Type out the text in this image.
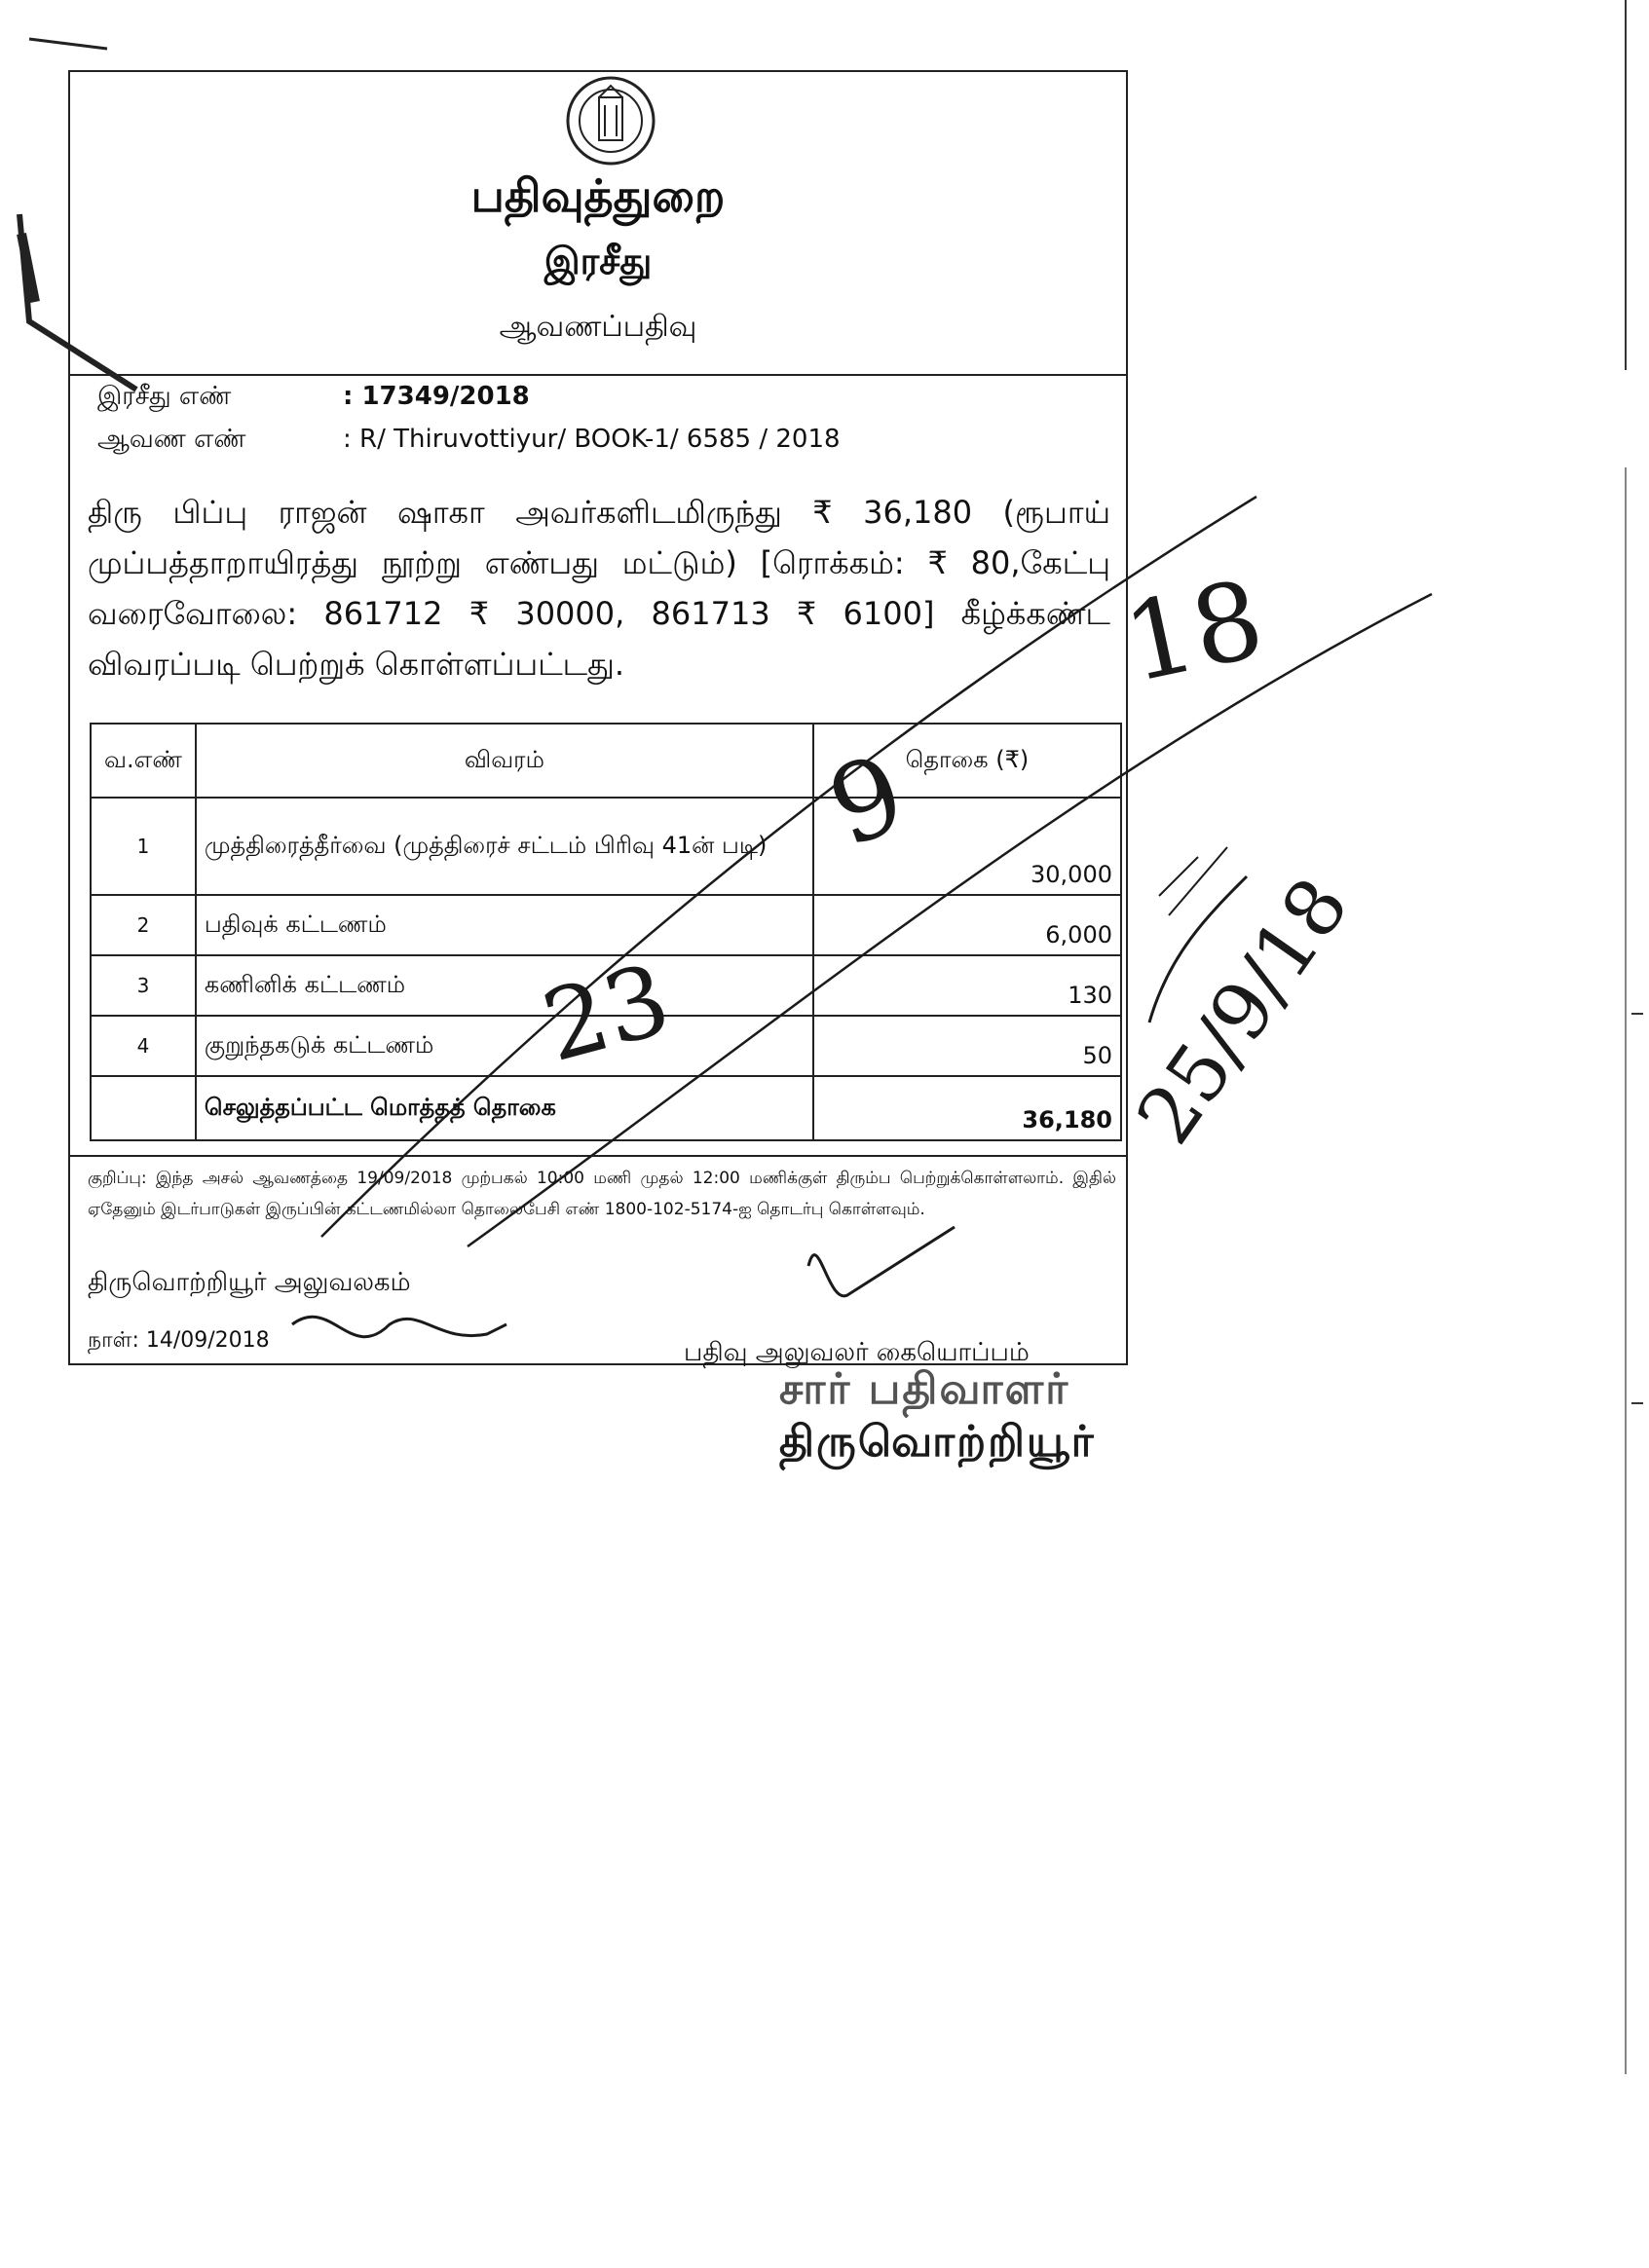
பதிவுத்துறை
இரசீது
ஆவணப்பதிவு
இரசீது எண்	: 17349/2018
ஆவண எண்	: R/ Thiruvottiyur/ BOOK-1/ 6585 / 2018
திரு பிப்பு ராஜன் ஷாகா அவர்களிடமிருந்து ₹ 36,180 (ரூபாய் முப்பத்தாறாயிரத்து நூற்று எண்பது மட்டும்) [ரொக்கம்: ₹ 80,கேட்பு வரைவோலை: 861712 ₹ 30000, 861713 ₹ 6100] கீழ்க்கண்ட விவரப்படி பெற்றுக் கொள்ளப்பட்டது.
வ.எண்	விவரம்	தொகை (₹)
1	முத்திரைத்தீர்வை (முத்திரைச் சட்டம் பிரிவு 41ன் படி)	30,000
2	பதிவுக் கட்டணம்	6,000
3	கணினிக் கட்டணம்	130
4	குறுந்தகடுக் கட்டணம்	50
	செலுத்தப்பட்ட மொத்தத் தொகை	36,180
குறிப்பு: இந்த அசல் ஆவணத்தை 19/09/2018 முற்பகல் 10:00 மணி முதல் 12:00 மணிக்குள் திரும்ப பெற்றுக்கொள்ளலாம். இதில் ஏதேனும் இடர்பாடுகள் இருப்பின் கட்டணமில்லா தொலைபேசி எண் 1800-102-5174-ஐ தொடர்பு கொள்ளவும்.
திருவொற்றியூர் அலுவலகம்
நாள்: 14/09/2018	பதிவு அலுவலர் கையொப்பம்
சார் பதிவாளர்
திருவொற்றியூர்
18
9
23	25/9/18
